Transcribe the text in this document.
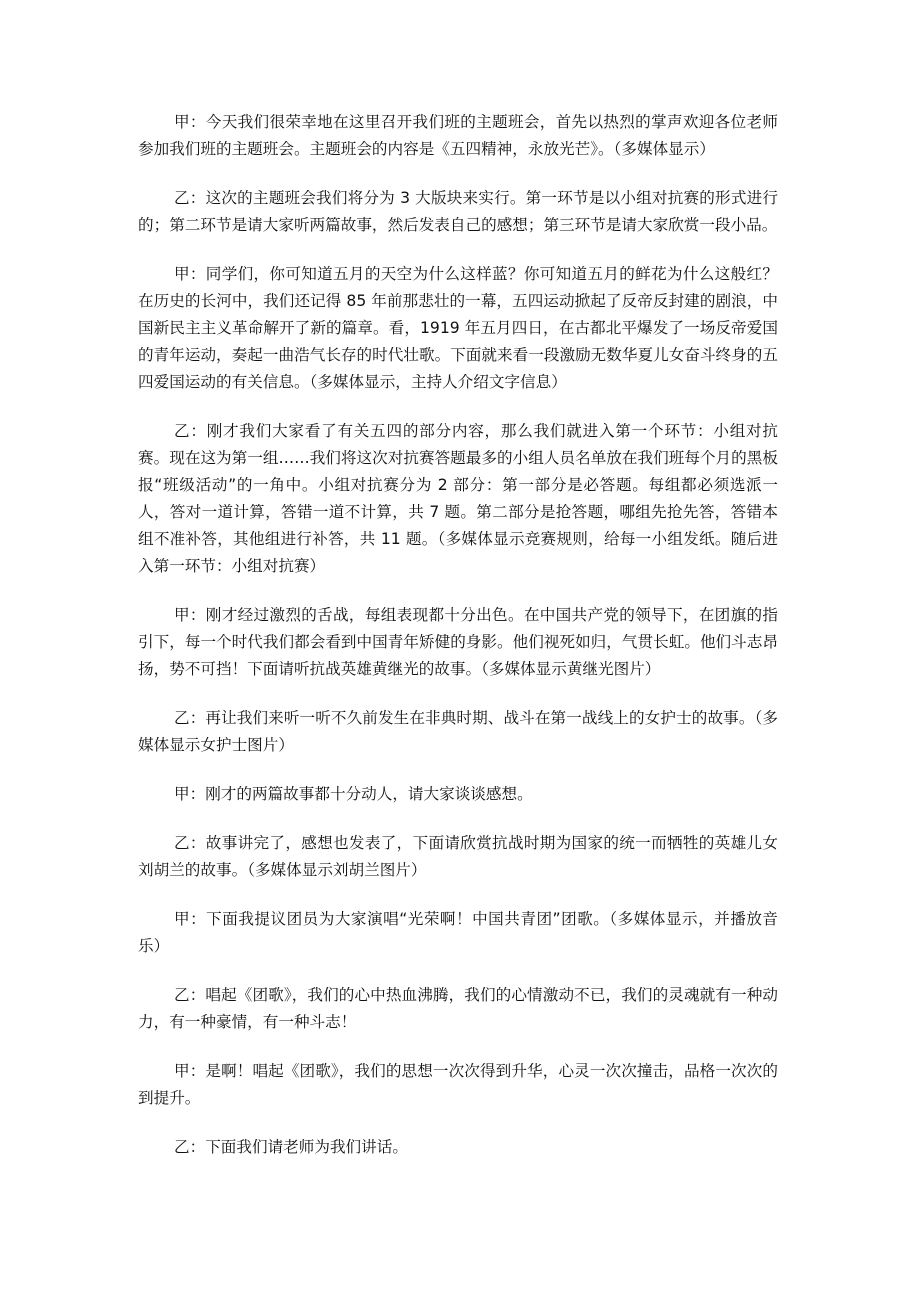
甲：今天我们很荣幸地在这里召开我们班的主题班会，首先以热烈的掌声欢迎各位老师参加我们班的主题班会。主题班会的内容是《五四精神，永放光芒》。（多媒体显示）

乙：这次的主题班会我们将分为 3 大版块来实行。第一环节是以小组对抗赛的形式进行的；第二环节是请大家听两篇故事，然后发表自己的感想；第三环节是请大家欣赏一段小品。

甲：同学们，你可知道五月的天空为什么这样蓝？你可知道五月的鲜花为什么这般红？在历史的长河中，我们还记得 85 年前那悲壮的一幕，五四运动掀起了反帝反封建的剧浪，中国新民主主义革命解开了新的篇章。看，1919 年五月四日，在古都北平爆发了一场反帝爱国的青年运动，奏起一曲浩气长存的时代壮歌。下面就来看一段激励无数华夏儿女奋斗终身的五四爱国运动的有关信息。（多媒体显示，主持人介绍文字信息）

乙：刚才我们大家看了有关五四的部分内容，那么我们就进入第一个环节：小组对抗赛。现在这为第一组……我们将这次对抗赛答题最多的小组人员名单放在我们班每个月的黑板报“班级活动”的一角中。小组对抗赛分为 2 部分：第一部分是必答题。每组都必须选派一人，答对一道计算，答错一道不计算，共 7 题。第二部分是抢答题，哪组先抢先答，答错本组不准补答，其他组进行补答，共 11 题。（多媒体显示竞赛规则，给每一小组发纸。随后进入第一环节：小组对抗赛）

甲：刚才经过激烈的舌战，每组表现都十分出色。在中国共产党的领导下，在团旗的指引下，每一个时代我们都会看到中国青年矫健的身影。他们视死如归，气贯长虹。他们斗志昂扬，势不可挡！下面请听抗战英雄黄继光的故事。（多媒体显示黄继光图片）

乙：再让我们来听一听不久前发生在非典时期、战斗在第一战线上的女护士的故事。（多媒体显示女护士图片）

甲：刚才的两篇故事都十分动人，请大家谈谈感想。

乙：故事讲完了，感想也发表了，下面请欣赏抗战时期为国家的统一而牺牲的英雄儿女刘胡兰的故事。（多媒体显示刘胡兰图片）

甲：下面我提议团员为大家演唱“光荣啊！中国共青团”团歌。（多媒体显示，并播放音乐）

乙：唱起《团歌》，我们的心中热血沸腾，我们的心情激动不已，我们的灵魂就有一种动力，有一种豪情，有一种斗志！

甲：是啊！唱起《团歌》，我们的思想一次次得到升华，心灵一次次撞击，品格一次次的到提升。

乙：下面我们请老师为我们讲话。
